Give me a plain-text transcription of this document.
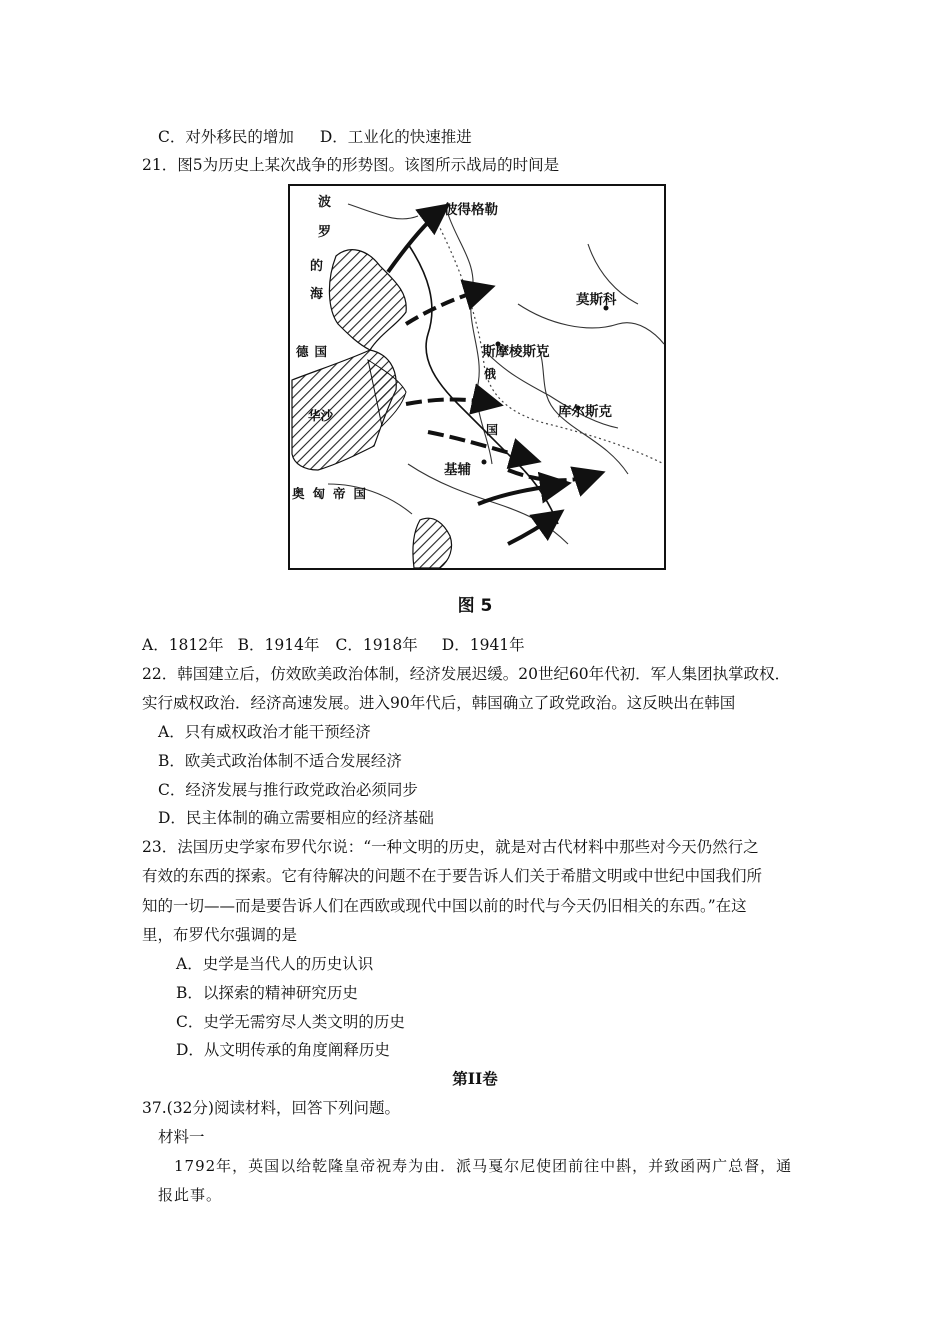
C．对外移民的增加 D．工业化的快速推进
21．图5为历史上某次战争的形势图。该图所示战局的时间是
波
罗
的
海
彼得格勒
莫斯科
斯摩棱斯克
库尔斯克
基辅
德国
华沙
奥匈帝国
俄
国
图 5
A．1812年 B．1914年 C．1918年 D．1941年
22．韩国建立后，仿效欧美政治体制，经济发展迟缓。20世纪60年代初．军人集团执掌政权．
实行威权政治．经济高速发展。进入90年代后，韩国确立了政党政治。这反映出在韩国
A．只有威权政治才能干预经济
B．欧美式政治体制不适合发展经济
C．经济发展与推行政党政治必须同步
D．民主体制的确立需要相应的经济基础
23．法国历史学家布罗代尔说：“一种文明的历史，就是对古代材料中那些对今天仍然行之
有效的东西的探索。它有待解决的问题不在于要告诉人们关于希腊文明或中世纪中国我们所
知的一切——而是要告诉人们在西欧或现代中国以前的时代与今天仍旧相关的东西。”在这
里，布罗代尔强调的是
A．史学是当代人的历史认识
B．以探索的精神研究历史
C．史学无需穷尽人类文明的历史
D．从文明传承的角度阐释历史
第II卷
37.(32分)阅读材料，回答下列问题。
材料一
1792年，英国以给乾隆皇帝祝寿为由．派马戛尔尼使团前往中斟，并致函两广总督，通
报此事。
